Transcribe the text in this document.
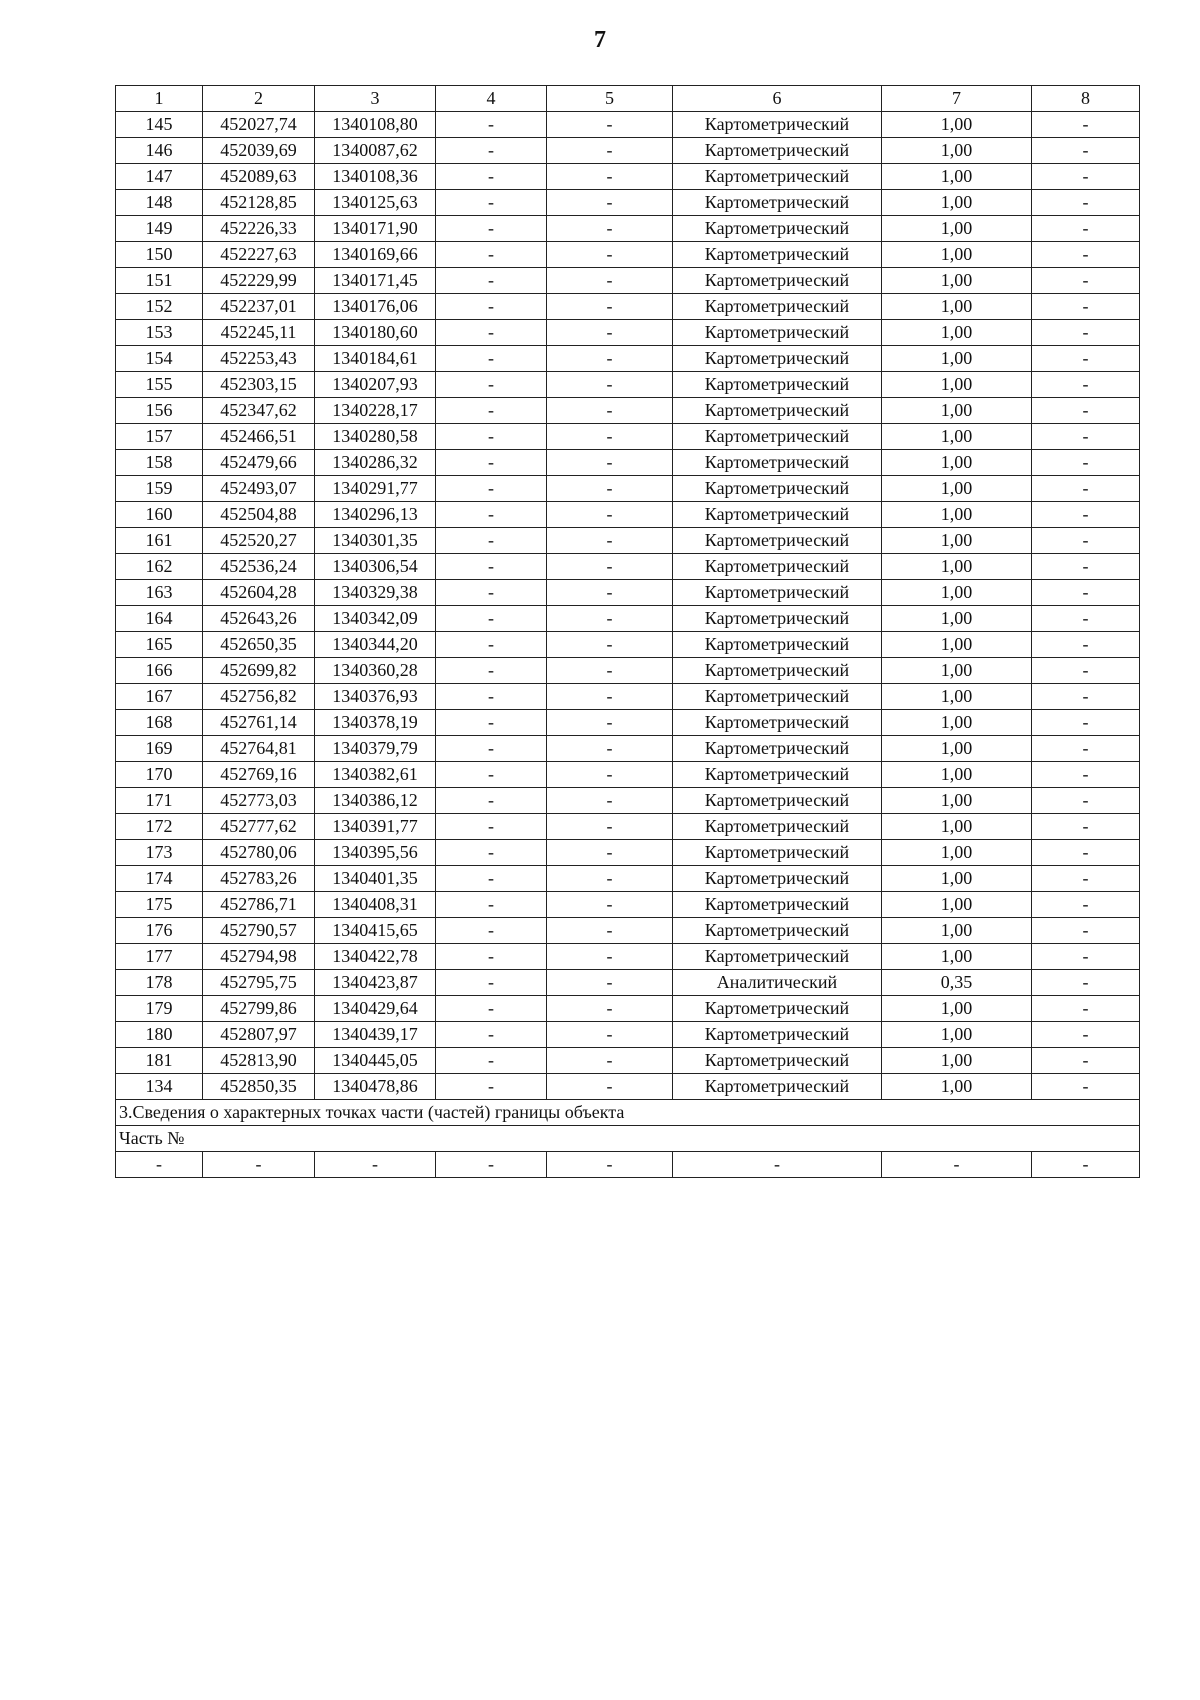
7
1	2	3	4	5	6	7	8
145	452027,74	1340108,80	-	-	Картометрический	1,00	-
146	452039,69	1340087,62	-	-	Картометрический	1,00	-
147	452089,63	1340108,36	-	-	Картометрический	1,00	-
148	452128,85	1340125,63	-	-	Картометрический	1,00	-
149	452226,33	1340171,90	-	-	Картометрический	1,00	-
150	452227,63	1340169,66	-	-	Картометрический	1,00	-
151	452229,99	1340171,45	-	-	Картометрический	1,00	-
152	452237,01	1340176,06	-	-	Картометрический	1,00	-
153	452245,11	1340180,60	-	-	Картометрический	1,00	-
154	452253,43	1340184,61	-	-	Картометрический	1,00	-
155	452303,15	1340207,93	-	-	Картометрический	1,00	-
156	452347,62	1340228,17	-	-	Картометрический	1,00	-
157	452466,51	1340280,58	-	-	Картометрический	1,00	-
158	452479,66	1340286,32	-	-	Картометрический	1,00	-
159	452493,07	1340291,77	-	-	Картометрический	1,00	-
160	452504,88	1340296,13	-	-	Картометрический	1,00	-
161	452520,27	1340301,35	-	-	Картометрический	1,00	-
162	452536,24	1340306,54	-	-	Картометрический	1,00	-
163	452604,28	1340329,38	-	-	Картометрический	1,00	-
164	452643,26	1340342,09	-	-	Картометрический	1,00	-
165	452650,35	1340344,20	-	-	Картометрический	1,00	-
166	452699,82	1340360,28	-	-	Картометрический	1,00	-
167	452756,82	1340376,93	-	-	Картометрический	1,00	-
168	452761,14	1340378,19	-	-	Картометрический	1,00	-
169	452764,81	1340379,79	-	-	Картометрический	1,00	-
170	452769,16	1340382,61	-	-	Картометрический	1,00	-
171	452773,03	1340386,12	-	-	Картометрический	1,00	-
172	452777,62	1340391,77	-	-	Картометрический	1,00	-
173	452780,06	1340395,56	-	-	Картометрический	1,00	-
174	452783,26	1340401,35	-	-	Картометрический	1,00	-
175	452786,71	1340408,31	-	-	Картометрический	1,00	-
176	452790,57	1340415,65	-	-	Картометрический	1,00	-
177	452794,98	1340422,78	-	-	Картометрический	1,00	-
178	452795,75	1340423,87	-	-	Аналитический	0,35	-
179	452799,86	1340429,64	-	-	Картометрический	1,00	-
180	452807,97	1340439,17	-	-	Картометрический	1,00	-
181	452813,90	1340445,05	-	-	Картометрический	1,00	-
134	452850,35	1340478,86	-	-	Картометрический	1,00	-
3.Сведения о характерных точках части (частей) границы объекта							
Часть №							
-	-	-	-	-	-	-	-
